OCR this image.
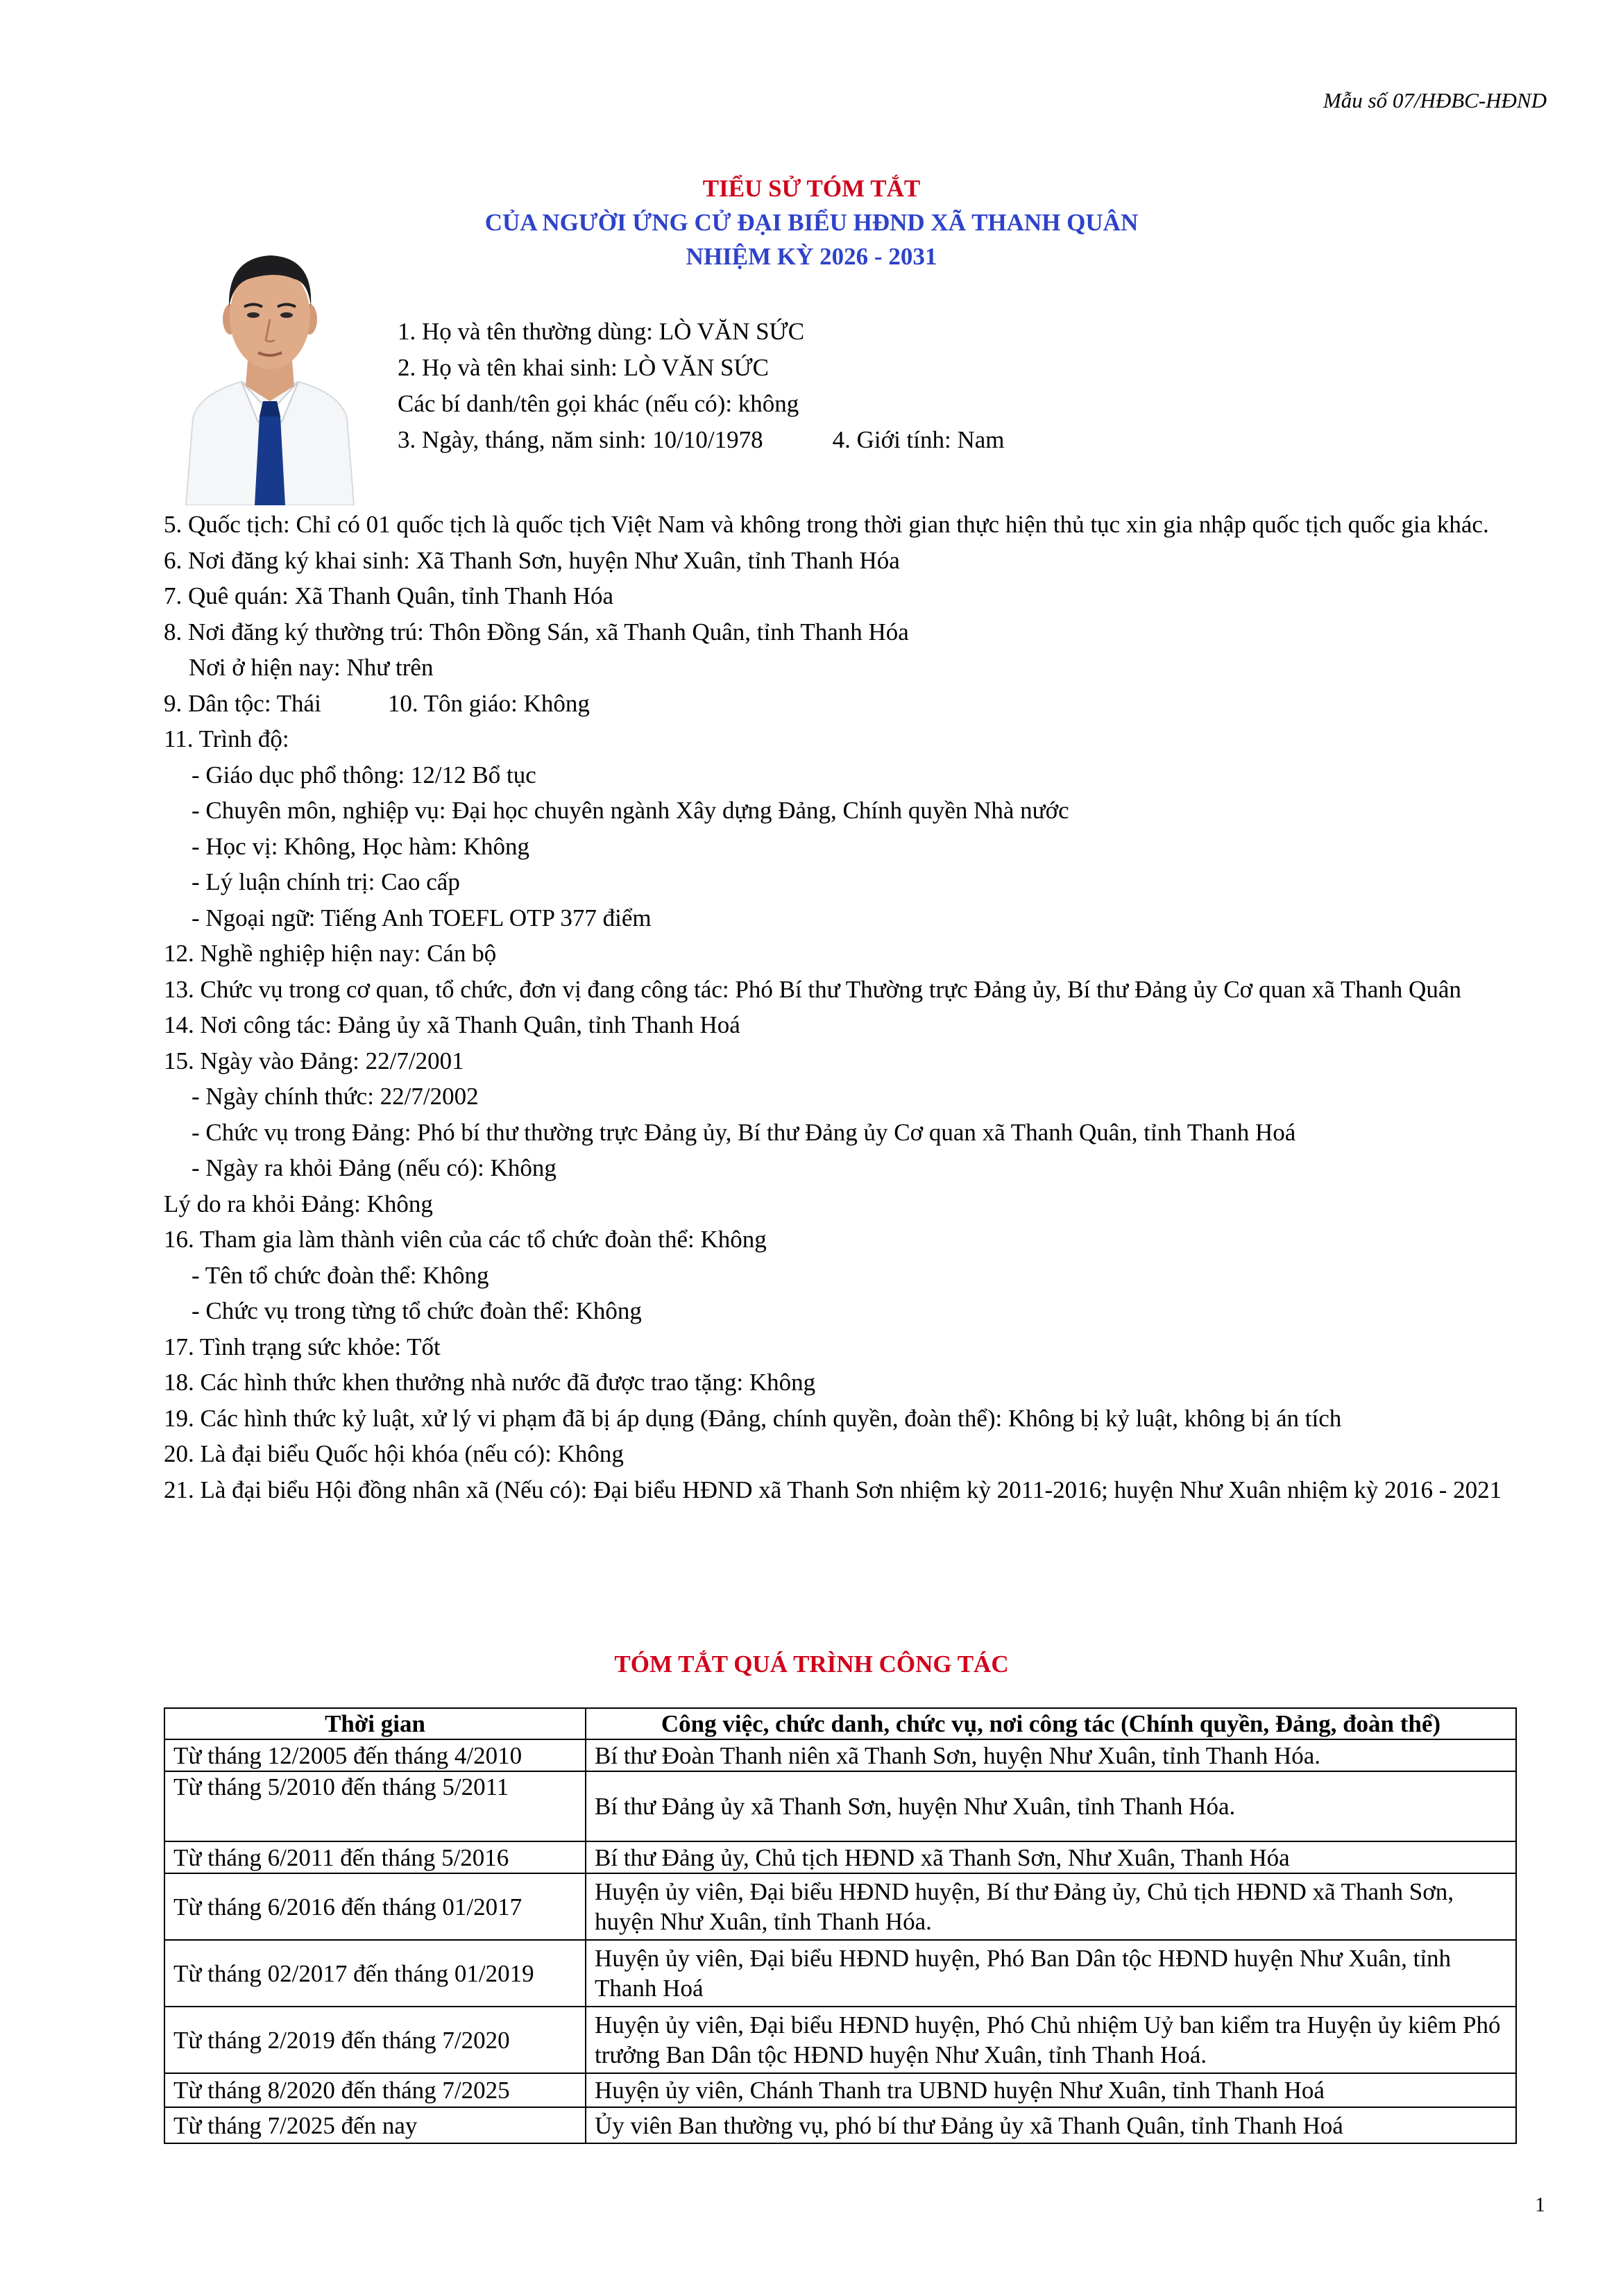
Mẫu số 07/HĐBC-HĐND
TIỂU SỬ TÓM TẮT
CỦA NGƯỜI ỨNG CỬ ĐẠI BIỂU HĐND XÃ THANH QUÂN
NHIỆM KỲ 2026 - 2031
1. Họ và tên thường dùng: LÒ VĂN SỨC
2. Họ và tên khai sinh: LÒ VĂN SỨC
Các bí danh/tên gọi khác (nếu có): không
3. Ngày, tháng, năm sinh: 10/10/1978	4. Giới tính: Nam

5. Quốc tịch: Chỉ có 01 quốc tịch là quốc tịch Việt Nam và không trong thời gian thực hiện thủ tục xin gia nhập quốc tịch quốc gia khác.

6. Nơi đăng ký khai sinh: Xã Thanh Sơn, huyện Như Xuân, tỉnh Thanh Hóa

7. Quê quán: Xã Thanh Quân, tỉnh Thanh Hóa

8. Nơi đăng ký thường trú: Thôn Đồng Sán, xã Thanh Quân, tỉnh Thanh Hóa

Nơi ở hiện nay: Như trên

9. Dân tộc: Thái	10. Tôn giáo: Không

11. Trình độ:

- Giáo dục phổ thông: 12/12 Bổ tục

- Chuyên môn, nghiệp vụ: Đại học chuyên ngành Xây dựng Đảng, Chính quyền Nhà nước

- Học vị: Không, Học hàm: Không

- Lý luận chính trị: Cao cấp

- Ngoại ngữ: Tiếng Anh TOEFL OTP 377 điểm

12. Nghề nghiệp hiện nay: Cán bộ

13. Chức vụ trong cơ quan, tổ chức, đơn vị đang công tác: Phó Bí thư Thường trực Đảng ủy, Bí thư Đảng ủy Cơ quan xã Thanh Quân

14. Nơi công tác: Đảng ủy xã Thanh Quân, tỉnh Thanh Hoá

15. Ngày vào Đảng: 22/7/2001

- Ngày chính thức: 22/7/2002

- Chức vụ trong Đảng: Phó bí thư thường trực Đảng ủy, Bí thư Đảng ủy Cơ quan xã Thanh Quân, tỉnh Thanh Hoá

- Ngày ra khỏi Đảng (nếu có): Không

Lý do ra khỏi Đảng: Không

16. Tham gia làm thành viên của các tổ chức đoàn thể: Không

- Tên tổ chức đoàn thể: Không

- Chức vụ trong từng tổ chức đoàn thể: Không

17. Tình trạng sức khỏe: Tốt

18. Các hình thức khen thưởng nhà nước đã được trao tặng: Không

19. Các hình thức kỷ luật, xử lý vi phạm đã bị áp dụng (Đảng, chính quyền, đoàn thể): Không bị kỷ luật, không bị án tích

20. Là đại biểu Quốc hội khóa (nếu có): Không

21. Là đại biểu Hội đồng nhân xã (Nếu có): Đại biểu HĐND xã Thanh Sơn nhiệm kỳ 2011-2016; huyện Như Xuân nhiệm kỳ 2016 - 2021

TÓM TẮT QUÁ TRÌNH CÔNG TÁC
Thời gian	Công việc, chức danh, chức vụ, nơi công tác (Chính quyền, Đảng, đoàn thể)
Từ tháng 12/2005 đến tháng 4/2010	Bí thư Đoàn Thanh niên xã Thanh Sơn, huyện Như Xuân, tỉnh Thanh Hóa.
Từ tháng 5/2010 đến tháng 5/2011	Bí thư Đảng ủy xã Thanh Sơn, huyện Như Xuân, tỉnh Thanh Hóa.
Từ tháng 6/2011 đến tháng 5/2016	Bí thư Đảng ủy, Chủ tịch HĐND xã Thanh Sơn, Như Xuân, Thanh Hóa
Từ tháng 6/2016 đến tháng 01/2017	Huyện ủy viên, Đại biểu HĐND huyện, Bí thư Đảng ủy, Chủ tịch HĐND xã Thanh Sơn, huyện Như Xuân, tỉnh Thanh Hóa.
Từ tháng 02/2017 đến tháng 01/2019	Huyện ủy viên, Đại biểu HĐND huyện, Phó Ban Dân tộc HĐND huyện Như Xuân, tỉnh Thanh Hoá
Từ tháng 2/2019 đến tháng 7/2020	Huyện ủy viên, Đại biểu HĐND huyện, Phó Chủ nhiệm Uỷ ban kiểm tra Huyện ủy kiêm Phó trưởng Ban Dân tộc HĐND huyện Như Xuân, tỉnh Thanh Hoá.
Từ tháng 8/2020 đến tháng 7/2025	Huyện ủy viên, Chánh Thanh tra UBND huyện Như Xuân, tỉnh Thanh Hoá
Từ tháng 7/2025 đến nay	Ủy viên Ban thường vụ, phó bí thư Đảng ủy xã Thanh Quân, tỉnh Thanh Hoá
1
